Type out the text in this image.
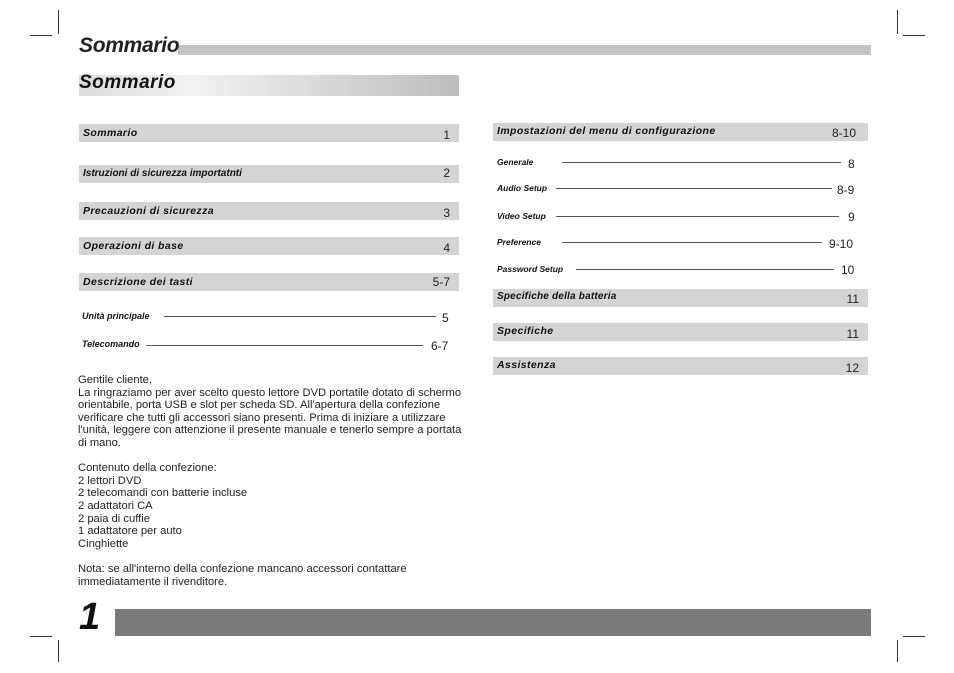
Sommario
Sommario
Sommario	1
Istruzioni di sicurezza importatnti	2
Precauzioni di sicurezza	3
Operazioni di base	4
Descrizione dei tasti	5-7
Unità principale	5
Telecomando	6-7
Impostazioni del menu di configurazione	8-10
Generale	8
Audio Setup	8-9
Video Setup	9
Preference	9-10
Password Setup	10
Specifiche della batteria	11
Specifiche	11
Assistenza	12

Gentile cliente,

La ringraziamo per aver scelto questo lettore DVD portatile dotato di schermo

orientabile, porta USB e slot per scheda SD. All'apertura della confezione

verificare che tutti gli accessori siano presenti. Prima di iniziare a utilizzare

l'unità, leggere con attenzione il presente manuale e tenerlo sempre a portata

di mano.

Contenuto della confezione:

2 lettori DVD

2 telecomandi con batterie incluse

2 adattatori CA

2 paia di cuffie

1 adattatore per auto

Cinghiette

Nota: se all'interno della confezione mancano accessori contattare

immediatamente il rivenditore.

1
